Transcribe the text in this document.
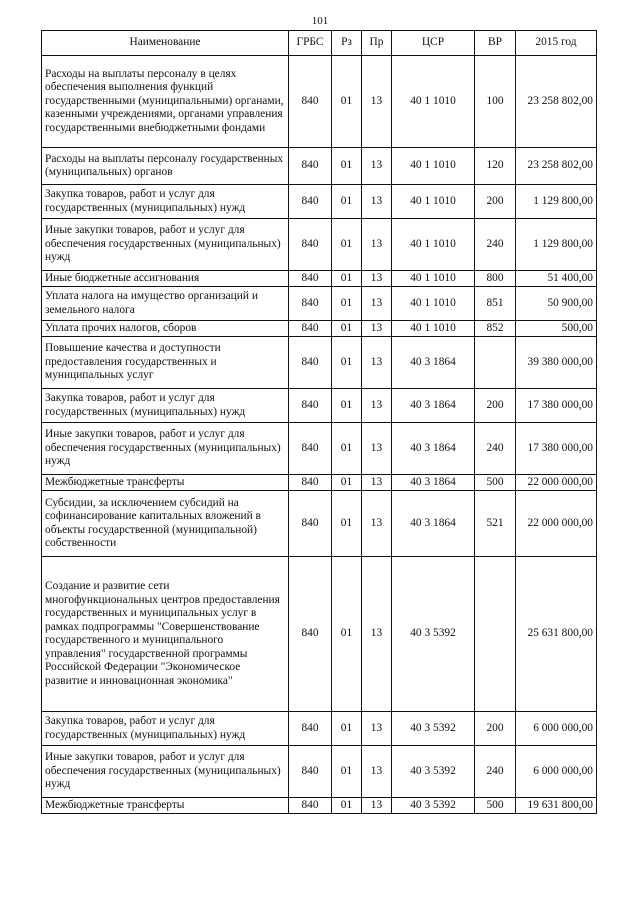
101
Наименование	ГРБС	Рз	Пр	ЦСР	ВР	2015 год
Расходы на выплаты персоналу в целях обеспечения выполнения функций государственными (муниципальными) органами, казенными учреждениями, органами управления государственными внебюджетными фондами	840	01	13	40 1 1010	100	23 258 802,00
Расходы на выплаты персоналу государственных (муниципальных) органов	840	01	13	40 1 1010	120	23 258 802,00
Закупка товаров, работ и услуг для государственных (муниципальных) нужд	840	01	13	40 1 1010	200	1 129 800,00
Иные закупки товаров, работ и услуг для обеспечения государственных (муниципальных) нужд	840	01	13	40 1 1010	240	1 129 800,00
Иные бюджетные ассигнования	840	01	13	40 1 1010	800	51 400,00
Уплата налога на имущество организаций и земельного налога	840	01	13	40 1 1010	851	50 900,00
Уплата прочих налогов, сборов	840	01	13	40 1 1010	852	500,00
Повышение качества и доступности предоставления государственных и муниципальных услуг	840	01	13	40 3 1864		39 380 000,00
Закупка товаров, работ и услуг для государственных (муниципальных) нужд	840	01	13	40 3 1864	200	17 380 000,00
Иные закупки товаров, работ и услуг для обеспечения государственных (муниципальных) нужд	840	01	13	40 3 1864	240	17 380 000,00
Межбюджетные трансферты	840	01	13	40 3 1864	500	22 000 000,00
Субсидии, за исключением субсидий на софинансирование капитальных вложений в объекты государственной (муниципальной) собственности	840	01	13	40 3 1864	521	22 000 000,00
Создание и развитие сети многофункциональных центров предоставления государственных и муниципальных услуг в рамках подпрограммы "Совершенствование государственного и муниципального управления" государственной программы Российской Федерации "Экономическое развитие и инновационная экономика"	840	01	13	40 3 5392		25 631 800,00
Закупка товаров, работ и услуг для государственных (муниципальных) нужд	840	01	13	40 3 5392	200	6 000 000,00
Иные закупки товаров, работ и услуг для обеспечения государственных (муниципальных) нужд	840	01	13	40 3 5392	240	6 000 000,00
Межбюджетные трансферты	840	01	13	40 3 5392	500	19 631 800,00
